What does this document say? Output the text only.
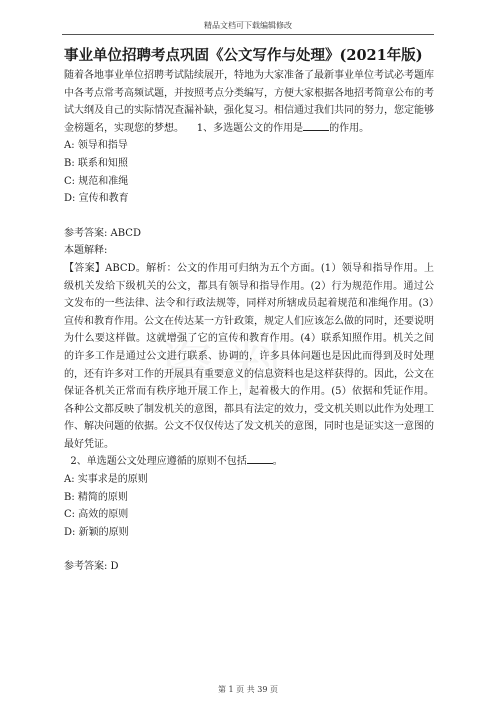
精品文档可下载编辑修改
事业单位招聘考点巩固《公文写作与处理》(2021年版)

随着各地事业单位招聘考试陆续展开，特地为大家准备了最新事业单位考试必考题库中各考点常考高频试题，并按照考点分类编写，方便大家根据各地招考简章公布的考试大纲及自己的实际情况查漏补缺，强化复习。相信通过我们共同的努力，您定能够金榜题名，实现您的梦想。 1、多选题公文的作用是	的作用。

A: 领导和指导

B: 联系和知照

C: 规范和准绳

D: 宣传和教育

参考答案: ABCD

本题解释:

【答案】ABCD。解析：公文的作用可归纳为五个方面。(1）领导和指导作用。上级机关发给下级机关的公文，都具有领导和指导作用。(2）行为规范作用。通过公文发布的一些法律、法令和行政法规等，同样对所辖成员起着规范和准绳作用。(3）宣传和教育作用。公文在传达某一方针政策，规定人们应该怎么做的同时，还要说明为什么要这样做。这就增强了它的宣传和教育作用。(4）联系知照作用。机关之间的许多工作是通过公文进行联系、协调的，许多具体问题也是因此而得到及时处理的，还有许多对工作的开展具有重要意义的信息资料也是这样获得的。因此，公文在保证各机关正常而有秩序地开展工作上，起着极大的作用。(5）依据和凭证作用。各种公文都反映了制发机关的意图，都具有法定的效力，受文机关则以此作为处理工作、解决问题的依据。公文不仅仅传达了发文机关的意图，同时也是证实这一意图的最好凭证。

2、单选题公文处理应遵循的原则不包括	。

A: 实事求是的原则

B: 精简的原则

C: 高效的原则

D: 新颖的原则

参考答案: D

第 1 页 共 39 页
